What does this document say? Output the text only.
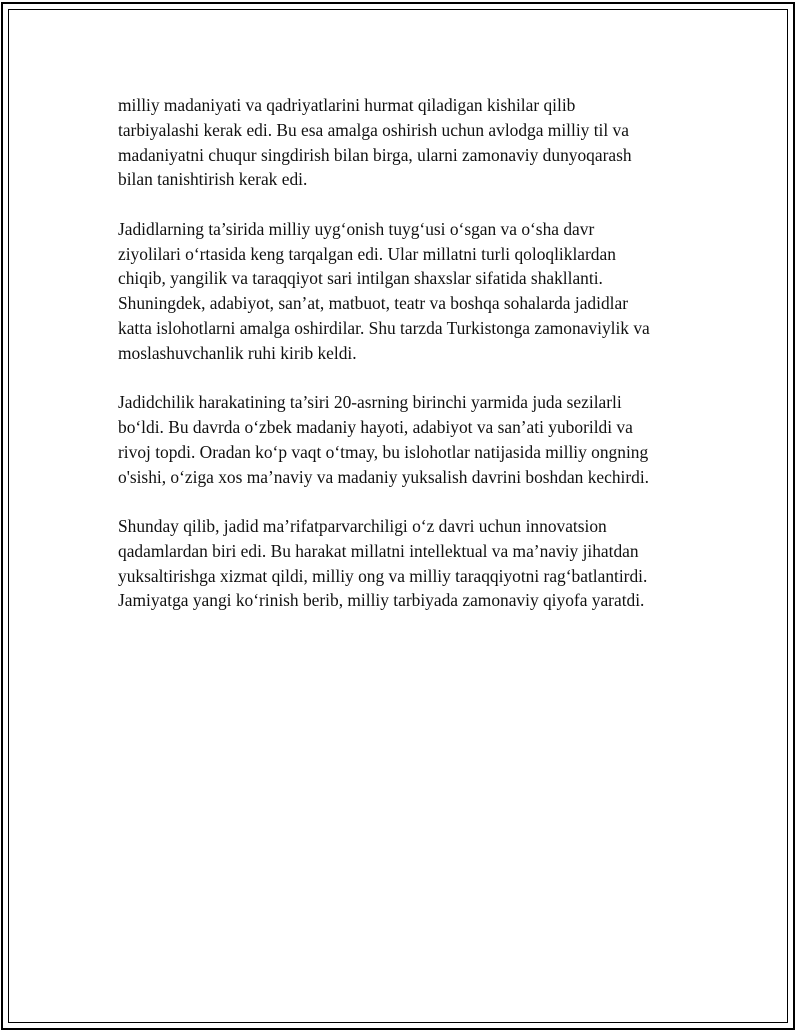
milliy madaniyati va qadriyatlarini hurmat qiladigan kishilar qilib
tarbiyalashi kerak edi. Bu esa amalga oshirish uchun avlodga milliy til va
madaniyatni chuqur singdirish bilan birga, ularni zamonaviy dunyoqarash
bilan tanishtirish kerak edi.

Jadidlarning ta’sirida milliy uyg‘onish tuyg‘usi o‘sgan va o‘sha davr
ziyolilari o‘rtasida keng tarqalgan edi. Ular millatni turli qoloqliklardan
chiqib, yangilik va taraqqiyot sari intilgan shaxslar sifatida shakllanti.
Shuningdek, adabiyot, san’at, matbuot, teatr va boshqa sohalarda jadidlar
katta islohotlarni amalga oshirdilar. Shu tarzda Turkistonga zamonaviylik va
moslashuvchanlik ruhi kirib keldi.

Jadidchilik harakatining ta’siri 20-asrning birinchi yarmida juda sezilarli
bo‘ldi. Bu davrda o‘zbek madaniy hayoti, adabiyot va san’ati yuborildi va
rivoj topdi. Oradan ko‘p vaqt o‘tmay, bu islohotlar natijasida milliy ongning
o'sishi, o‘ziga xos ma’naviy va madaniy yuksalish davrini boshdan kechirdi.

Shunday qilib, jadid ma’rifatparvarchiligi o‘z davri uchun innovatsion
qadamlardan biri edi. Bu harakat millatni intellektual va ma’naviy jihatdan
yuksaltirishga xizmat qildi, milliy ong va milliy taraqqiyotni rag‘batlantirdi.
Jamiyatga yangi ko‘rinish berib, milliy tarbiyada zamonaviy qiyofa yaratdi.
